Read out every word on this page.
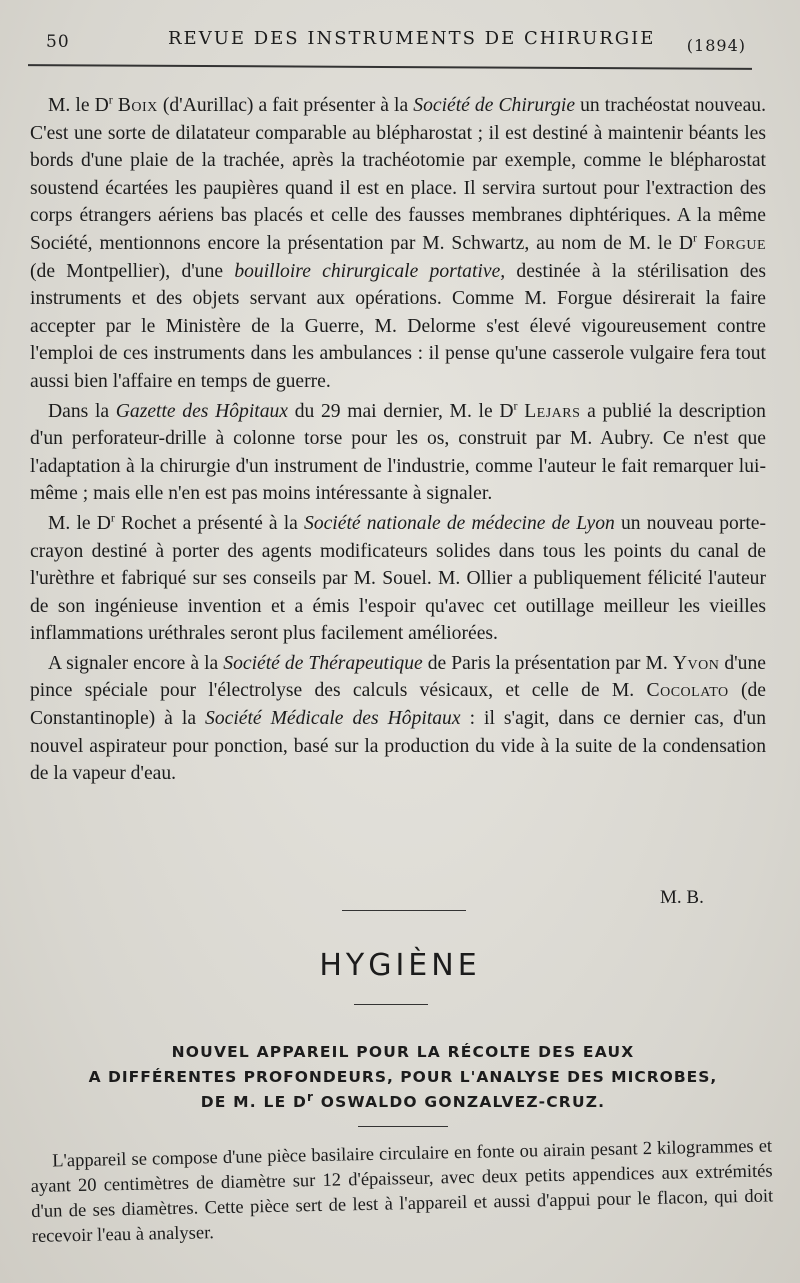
50	REVUE DES INSTRUMENTS DE CHIRURGIE (1894)

M. le $D^r$ Boix (d'Aurillac) a fait présenter à la Société de Chirurgie un trachéostat nouveau. C'est une sorte de dilatateur comparable au blépharostat ; il est destiné à maintenir béants les bords d'une plaie de la trachée, après la trachéotomie par exemple, comme le blépharostat soustend écartées les paupières quand il est en place. Il servira surtout pour l'extraction des corps étrangers aériens bas placés et celle des fausses membranes diphtériques. A la même Société, mentionnons encore la présentation par M. Schwartz, au nom de M. le $D^r$ Forgue (de Montpellier), d'une bouilloire chirurgicale portative, destinée à la stérilisation des instruments et des objets servant aux opérations. Comme M. Forgue désirerait la faire accepter par le Ministère de la Guerre, M. Delorme s'est élevé vigoureusement contre l'emploi de ces instruments dans les ambulances : il pense qu'une casserole vulgaire fera tout aussi bien l'affaire en temps de guerre.

Dans la Gazette des Hôpitaux du 29 mai dernier, M. le $D^r$ Lejars a publié la description d'un perforateur-drille à colonne torse pour les os, construit par M. Aubry. Ce n'est que l'adaptation à la chirurgie d'un instrument de l'industrie, comme l'auteur le fait remarquer lui-même ; mais elle n'en est pas moins intéressante à signaler.

M. le $D^r$ Rochet a présenté à la Société nationale de médecine de Lyon un nouveau porte-crayon destiné à porter des agents modificateurs solides dans tous les points du canal de l'urèthre et fabriqué sur ses conseils par M. Souel. M. Ollier a publiquement félicité l'auteur de son ingénieuse invention et a émis l'espoir qu'avec cet outillage meilleur les vieilles inflammations uréthrales seront plus facilement améliorées.

A signaler encore à la Société de Thérapeutique de Paris la présentation par M. Yvon d'une pince spéciale pour l'électrolyse des calculs vésicaux, et celle de M. Cocolato (de Constantinople) à la Société Médicale des Hôpitaux : il s'agit, dans ce dernier cas, d'un nouvel aspirateur pour ponction, basé sur la production du vide à la suite de la condensation de la vapeur d'eau.

M. B.
HYGIÈNE
NOUVEL APPAREIL POUR LA RÉCOLTE DES EAUX
A DIFFÉRENTES PROFONDEURS, POUR L'ANALYSE DES MICROBES,
DE M. LE $D^r$ OSWALDO GONZALVEZ-CRUZ.

L'appareil se compose d'une pièce basilaire circulaire en fonte ou airain pesant 2 kilogrammes et ayant 20 centimètres de diamètre sur 12 d'épaisseur, avec deux petits appendices aux extrémités d'un de ses diamètres. Cette pièce sert de lest à l'appareil et aussi d'appui pour le flacon, qui doit recevoir l'eau à analyser.
